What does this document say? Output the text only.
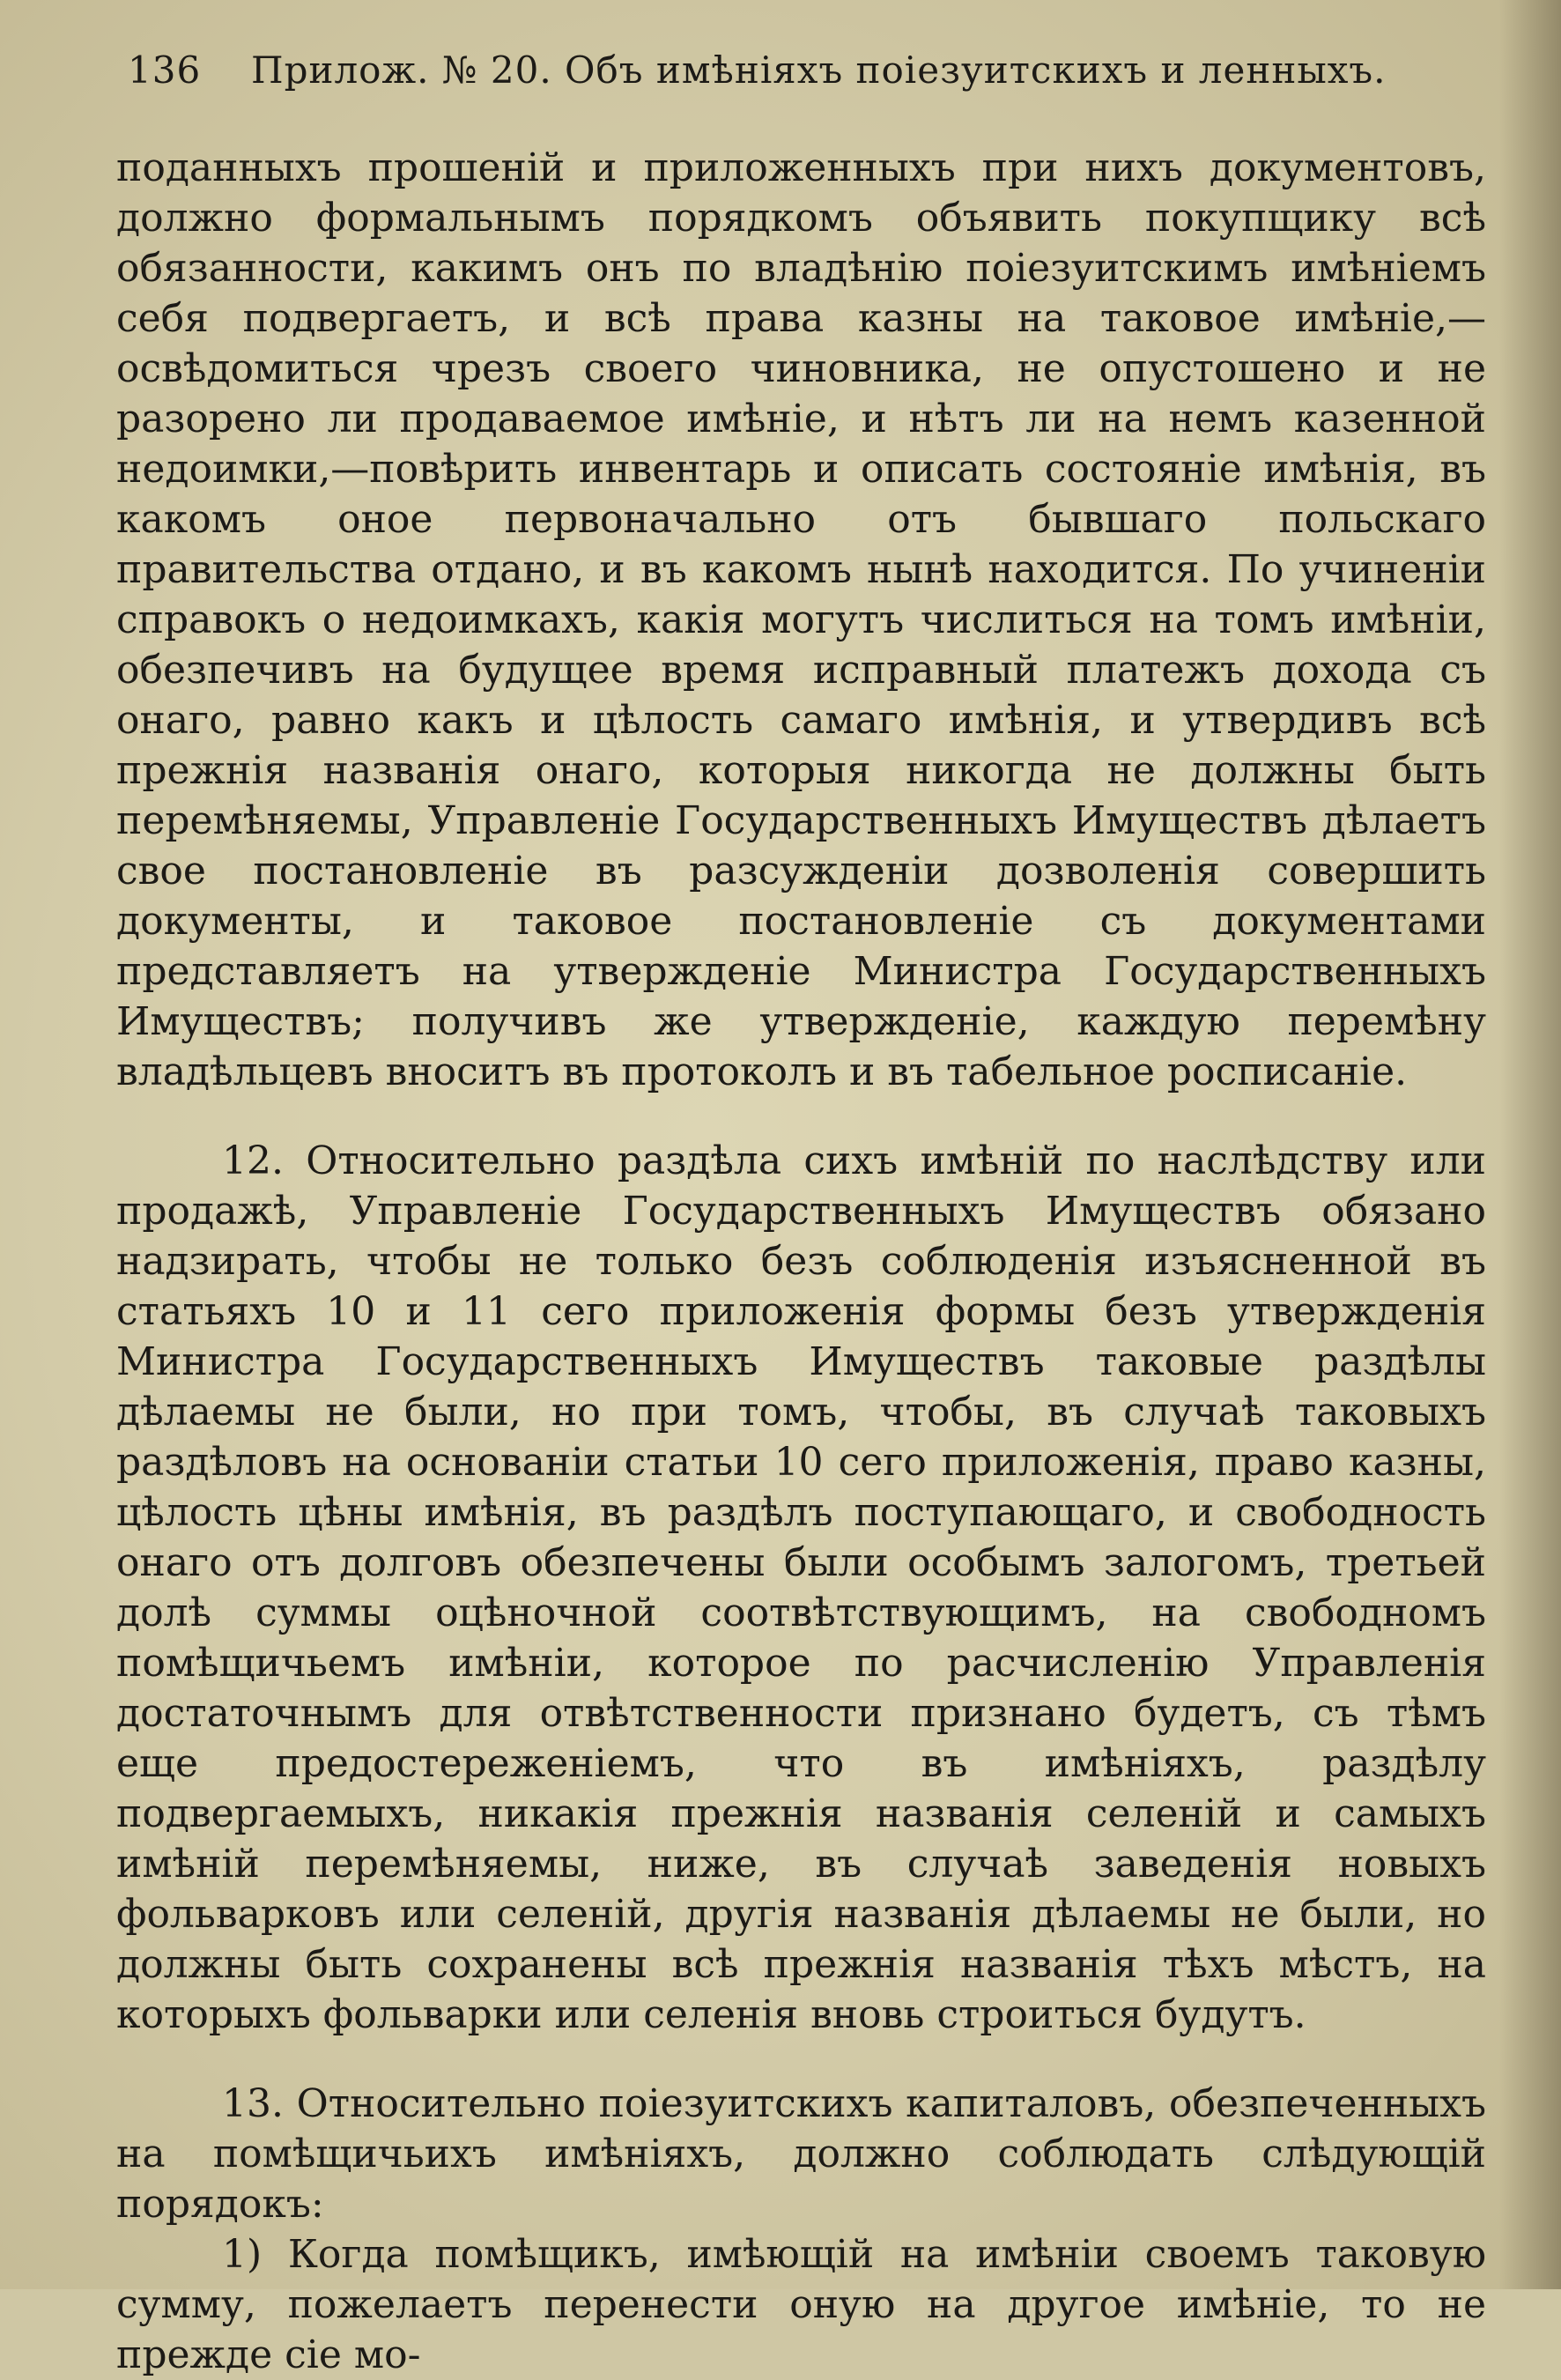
136 Прилож. № 20. Объ имѣніяхъ поіезуитскихъ и ленныхъ.

поданныхъ прошеній и приложенныхъ при нихъ документовъ, должно формальнымъ порядкомъ объявить покупщику всѣ обязанности, какимъ онъ по владѣнію поіезуитскимъ имѣніемъ себя подвергаетъ, и всѣ права казны на таковое имѣніе,—освѣдомиться чрезъ своего чиновника, не опустошено и не разорено ли продаваемое имѣніе, и нѣтъ ли на немъ казенной недоимки,—повѣрить инвентарь и описать состояніе имѣнія, въ какомъ оное первоначально отъ бывшаго польскаго правительства отдано, и въ какомъ нынѣ находится. По учиненіи справокъ о недоимкахъ, какія могутъ числиться на томъ имѣніи, обезпечивъ на будущее время исправный платежъ дохода съ онаго, равно какъ и цѣлость самаго имѣнія, и утвердивъ всѣ прежнія названія онаго, которыя никогда не должны быть перемѣняемы, Управленіе Государственныхъ Имуществъ дѣлаетъ свое постановленіе въ разсужденіи дозволенія совершить документы, и таковое постановленіе съ документами представляетъ на утвержденіе Министра Государственныхъ Имуществъ; получивъ же утвержденіе, каждую перемѣну владѣльцевъ вноситъ въ протоколъ и въ табельное росписаніе.

12. Относительно раздѣла сихъ имѣній по наслѣдству или продажѣ, Управленіе Государственныхъ Имуществъ обязано надзирать, чтобы не только безъ соблюденія изъясненной въ статьяхъ 10 и 11 сего приложенія формы безъ утвержденія Министра Государственныхъ Имуществъ таковые раздѣлы дѣлаемы не были, но при томъ, чтобы, въ случаѣ таковыхъ раздѣловъ на основаніи статьи 10 сего приложенія, право казны, цѣлость цѣны имѣнія, въ раздѣлъ поступающаго, и свободность онаго отъ долговъ обезпечены были особымъ залогомъ, третьей долѣ суммы оцѣночной соотвѣтствующимъ, на свободномъ помѣщичьемъ имѣніи, которое по расчисленію Управленія достаточнымъ для отвѣтственности признано будетъ, съ тѣмъ еще предостереженіемъ, что въ имѣніяхъ, раздѣлу подвергаемыхъ, никакія прежнія названія селеній и самыхъ имѣній перемѣняемы, ниже, въ случаѣ заведенія новыхъ фольварковъ или селеній, другія названія дѣлаемы не были, но должны быть сохранены всѣ прежнія названія тѣхъ мѣстъ, на которыхъ фольварки или селенія вновь строиться будутъ.

13. Относительно поіезуитскихъ капиталовъ, обезпеченныхъ на помѣщичьихъ имѣніяхъ, должно соблюдать слѣдующій порядокъ:

1) Когда помѣщикъ, имѣющій на имѣніи своемъ таковую сумму, пожелаетъ перенести оную на другое имѣніе, то не прежде сіе мо-
